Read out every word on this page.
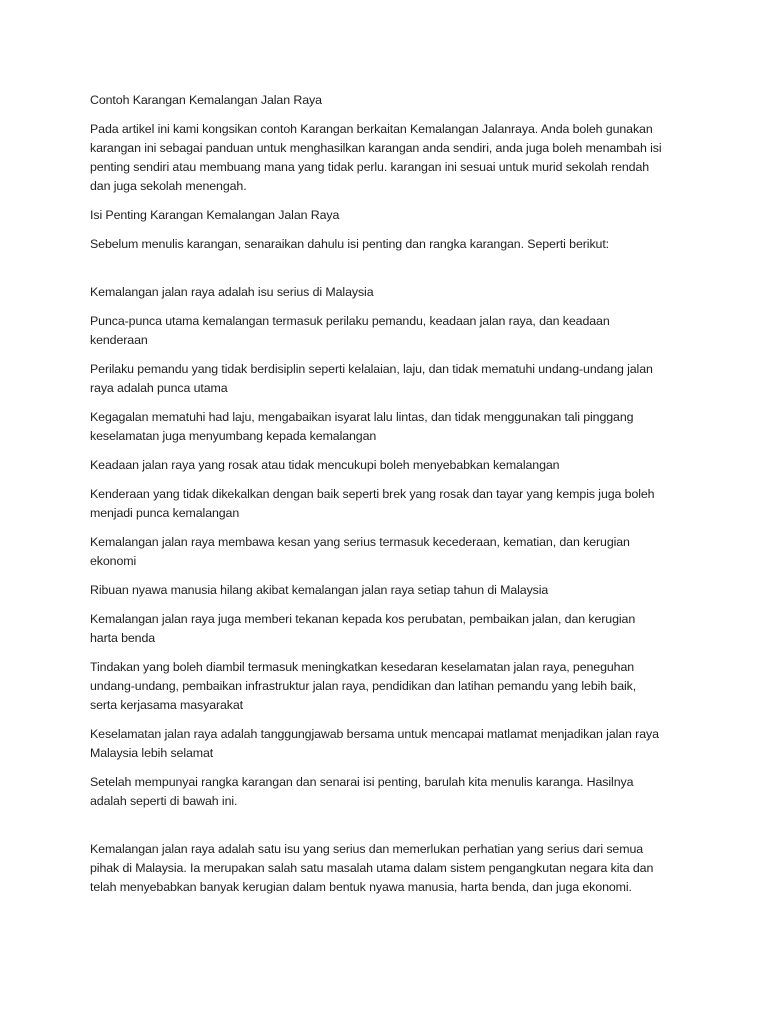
Contoh Karangan Kemalangan Jalan Raya

Pada artikel ini kami kongsikan contoh Karangan berkaitan Kemalangan Jalanraya. Anda boleh gunakan
karangan ini sebagai panduan untuk menghasilkan karangan anda sendiri, anda juga boleh menambah isi
penting sendiri atau membuang mana yang tidak perlu. karangan ini sesuai untuk murid sekolah rendah
dan juga sekolah menengah.

Isi Penting Karangan Kemalangan Jalan Raya

Sebelum menulis karangan, senaraikan dahulu isi penting dan rangka karangan. Seperti berikut:

Kemalangan jalan raya adalah isu serius di Malaysia

Punca-punca utama kemalangan termasuk perilaku pemandu, keadaan jalan raya, dan keadaan
kenderaan

Perilaku pemandu yang tidak berdisiplin seperti kelalaian, laju, dan tidak mematuhi undang-undang jalan
raya adalah punca utama

Kegagalan mematuhi had laju, mengabaikan isyarat lalu lintas, dan tidak menggunakan tali pinggang
keselamatan juga menyumbang kepada kemalangan

Keadaan jalan raya yang rosak atau tidak mencukupi boleh menyebabkan kemalangan

Kenderaan yang tidak dikekalkan dengan baik seperti brek yang rosak dan tayar yang kempis juga boleh
menjadi punca kemalangan

Kemalangan jalan raya membawa kesan yang serius termasuk kecederaan, kematian, dan kerugian
ekonomi

Ribuan nyawa manusia hilang akibat kemalangan jalan raya setiap tahun di Malaysia

Kemalangan jalan raya juga memberi tekanan kepada kos perubatan, pembaikan jalan, dan kerugian
harta benda

Tindakan yang boleh diambil termasuk meningkatkan kesedaran keselamatan jalan raya, peneguhan
undang-undang, pembaikan infrastruktur jalan raya, pendidikan dan latihan pemandu yang lebih baik,
serta kerjasama masyarakat

Keselamatan jalan raya adalah tanggungjawab bersama untuk mencapai matlamat menjadikan jalan raya
Malaysia lebih selamat

Setelah mempunyai rangka karangan dan senarai isi penting, barulah kita menulis karanga. Hasilnya
adalah seperti di bawah ini.

Kemalangan jalan raya adalah satu isu yang serius dan memerlukan perhatian yang serius dari semua
pihak di Malaysia. Ia merupakan salah satu masalah utama dalam sistem pengangkutan negara kita dan
telah menyebabkan banyak kerugian dalam bentuk nyawa manusia, harta benda, dan juga ekonomi.
